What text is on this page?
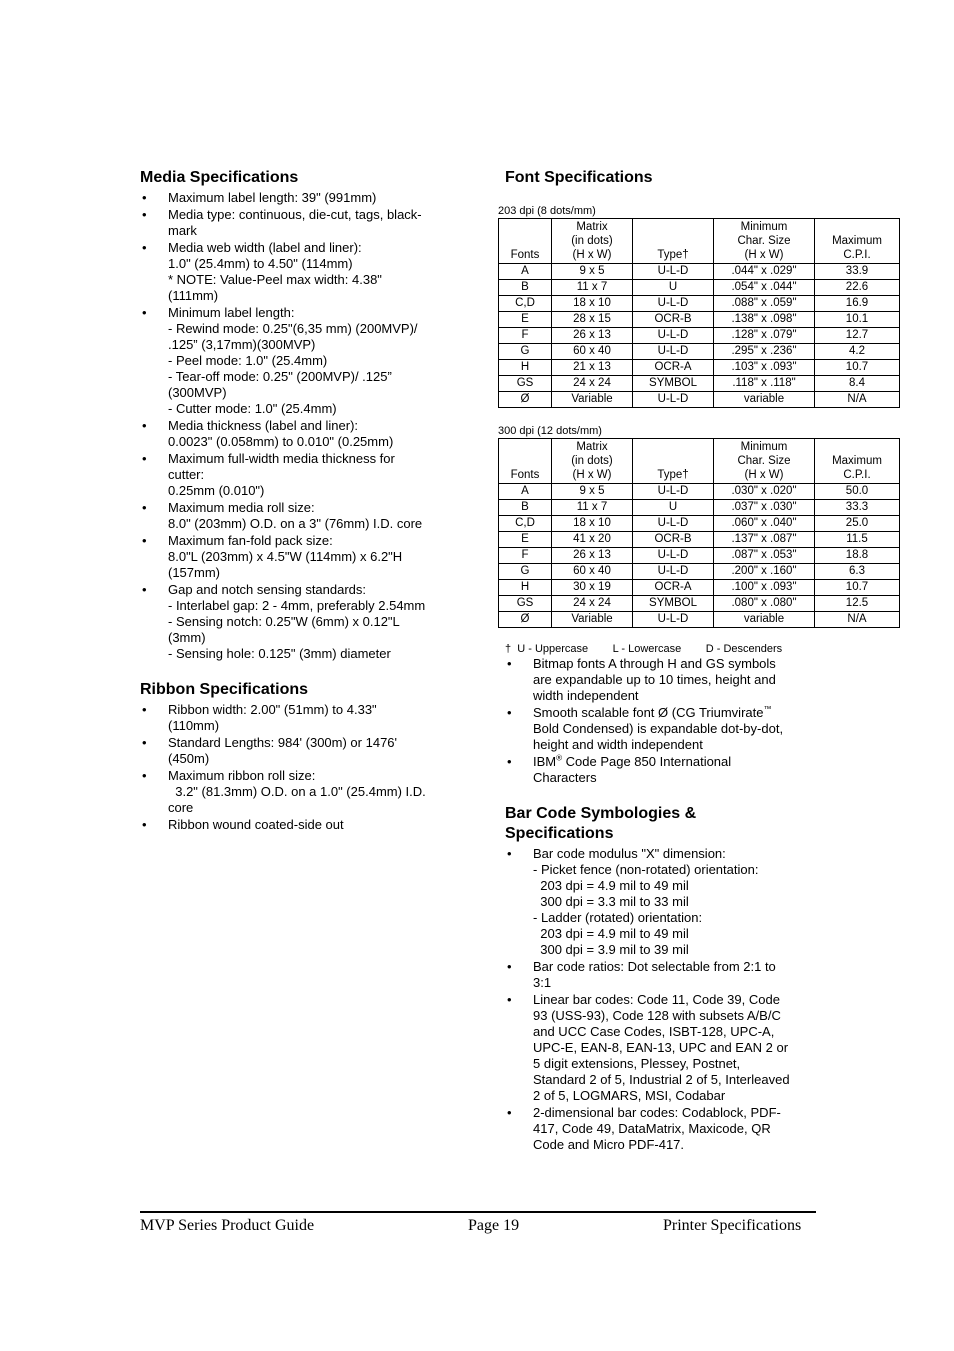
Media Specifications
• Maximum label length: 39" (991mm)
• Media type: continuous, die-cut, tags, black-
mark
• Media web width (label and liner):
1.0" (25.4mm) to 4.50" (114mm)
* NOTE: Value-Peel max width: 4.38"
(111mm)
• Minimum label length:
- Rewind mode: 0.25"(6,35 mm) (200MVP)/
.125” (3,17mm)(300MVP)
- Peel mode: 1.0" (25.4mm)
- Tear-off mode: 0.25" (200MVP)/ .125”
(300MVP)
- Cutter mode: 1.0" (25.4mm)
• Media thickness (label and liner):
0.0023" (0.058mm) to 0.010" (0.25mm)
• Maximum full-width media thickness for
cutter:
0.25mm (0.010")
• Maximum media roll size:
8.0" (203mm) O.D. on a 3" (76mm) I.D. core
• Maximum fan-fold pack size:
8.0"L (203mm) x 4.5"W (114mm) x 6.2"H
(157mm)
• Gap and notch sensing standards:
- Interlabel gap: 2 - 4mm, preferably 2.54mm
- Sensing notch: 0.25"W (6mm) x 0.12"L
(3mm)
- Sensing hole: 0.125" (3mm) diameter
Ribbon Specifications
• Ribbon width: 2.00" (51mm) to 4.33"
(110mm)
• Standard Lengths: 984' (300m) or 1476'
(450m)
• Maximum ribbon roll size:
3.2" (81.3mm) O.D. on a 1.0" (25.4mm) I.D.
core
• Ribbon wound coated-side out
Font Specifications
203 dpi (8 dots/mm)
Fonts	Matrix
(in dots)
(H x W)	Type†	Minimum
Char. Size
(H x W)	Maximum
C.P.I.

A	9 x 5	U-L-D	.044" x .029"	33.9
B	11 x 7	U	.054" x .044"	22.6
C,D	18 x 10	U-L-D	.088" x .059"	16.9
E	28 x 15	OCR-B	.138" x .098"	10.1
F	26 x 13	U-L-D	.128" x .079"	12.7
G	60 x 40	U-L-D	.295" x .236"	4.2
H	21 x 13	OCR-A	.103" x .093"	10.7
GS	24 x 24	SYMBOL	.118" x .118"	8.4
Ø	Variable	U-L-D	variable	N/A
300 dpi (12 dots/mm)
Fonts	Matrix
(in dots)
(H x W)	Type†	Minimum
Char. Size
(H x W)	Maximum
C.P.I.

A	9 x 5	U-L-D	.030" x .020"	50.0
B	11 x 7	U	.037" x .030"	33.3
C,D	18 x 10	U-L-D	.060" x .040"	25.0
E	41 x 20	OCR-B	.137" x .087"	11.5
F	26 x 13	U-L-D	.087" x .053"	18.8
G	60 x 40	U-L-D	.200" x .160"	6.3
H	30 x 19	OCR-A	.100" x .093"	10.7
GS	24 x 24	SYMBOL	.080" x .080"	12.5
Ø	Variable	U-L-D	variable	N/A
†  U - Uppercase        L - Lowercase        D - Descenders
• Bitmap fonts A through H and GS symbols
are expandable up to 10 times, height and
width independent
• Smooth scalable font Ø (CG Triumvirate™
Bold Condensed) is expandable dot-by-dot,
height and width independent
• IBM® Code Page 850 International
Characters
Bar Code Symbologies &
Specifications
• Bar code modulus "X" dimension:
- Picket fence (non-rotated) orientation:
203 dpi = 4.9 mil to 49 mil
300 dpi = 3.3 mil to 33 mil
- Ladder (rotated) orientation:
203 dpi = 4.9 mil to 49 mil
300 dpi = 3.9 mil to 39 mil
• Bar code ratios: Dot selectable from 2:1 to
3:1
• Linear bar codes: Code 11, Code 39, Code
93 (USS-93), Code 128 with subsets A/B/C
and UCC Case Codes, ISBT-128, UPC-A,
UPC-E, EAN-8, EAN-13, UPC and EAN 2 or
5 digit extensions, Plessey, Postnet,
Standard 2 of 5, Industrial 2 of 5, Interleaved
2 of 5, LOGMARS, MSI, Codabar
• 2-dimensional bar codes: Codablock, PDF-
417, Code 49, DataMatrix, Maxicode, QR
Code and Micro PDF-417.
MVP Series Product Guide	Page 19	Printer Specifications
